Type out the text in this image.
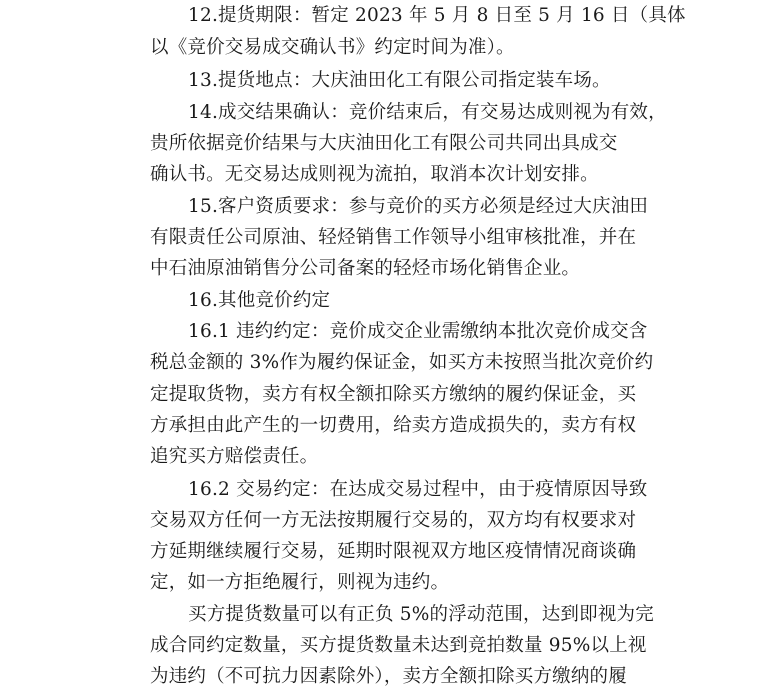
12.提货期限：暂定 2023 年 5 月 8 日至 5 月 16 日（具体

以《竞价交易成交确认书》约定时间为准）。

13.提货地点：大庆油田化工有限公司指定装车场。

14.成交结果确认：竞价结束后，有交易达成则视为有效，

贵所依据竞价结果与大庆油田化工有限公司共同出具成交

确认书。无交易达成则视为流拍，取消本次计划安排。

15.客户资质要求：参与竞价的买方必须是经过大庆油田

有限责任公司原油、轻烃销售工作领导小组审核批准，并在

中石油原油销售分公司备案的轻烃市场化销售企业。

16.其他竞价约定

16.1 违约约定：竞价成交企业需缴纳本批次竞价成交含

税总金额的 3%作为履约保证金，如买方未按照当批次竞价约

定提取货物，卖方有权全额扣除买方缴纳的履约保证金，买

方承担由此产生的一切费用，给卖方造成损失的，卖方有权

追究买方赔偿责任。

16.2 交易约定：在达成交易过程中，由于疫情原因导致

交易双方任何一方无法按期履行交易的，双方均有权要求对

方延期继续履行交易，延期时限视双方地区疫情情况商谈确

定，如一方拒绝履行，则视为违约。

买方提货数量可以有正负 5%的浮动范围，达到即视为完

成合同约定数量，买方提货数量未达到竞拍数量 95%以上视

为违约（不可抗力因素除外），卖方全额扣除买方缴纳的履
